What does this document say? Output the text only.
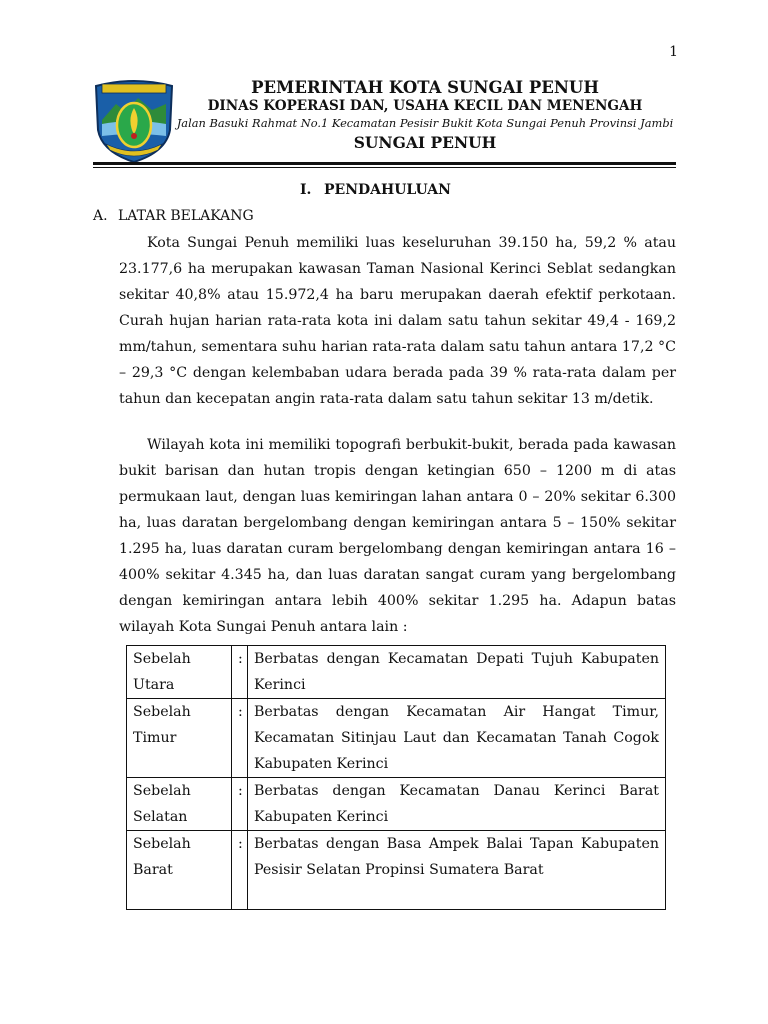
1

PEMERINTAH KOTA SUNGAI PENUH

DINAS KOPERASI DAN, USAHA KECIL DAN MENENGAH

Jalan Basuki Rahmat No.1 Kecamatan Pesisir Bukit Kota Sungai Penuh Provinsi Jambi

SUNGAI PENUH

I. PENDAHULUAN
A. LATAR BELAKANG

Kota Sungai Penuh memiliki luas keseluruhan 39.150 ha, 59,2 % atau 23.177,6 ha merupakan kawasan Taman Nasional Kerinci Seblat sedangkan sekitar 40,8% atau 15.972,4 ha baru merupakan daerah efektif perkotaan. Curah hujan harian rata-rata kota ini dalam satu tahun sekitar 49,4 - 169,2 mm/tahun, sementara suhu harian rata-rata dalam satu tahun antara 17,2 °C – 29,3 °C dengan kelembaban udara berada pada 39 % rata-rata dalam per tahun dan kecepatan angin rata-rata dalam satu tahun sekitar 13 m/detik.

Wilayah kota ini memiliki topografi berbukit-bukit, berada pada kawasan bukit barisan dan hutan tropis dengan ketingian 650 – 1200 m di atas permukaan laut, dengan luas kemiringan lahan antara 0 – 20% sekitar 6.300 ha, luas daratan bergelombang dengan kemiringan antara 5 – 150% sekitar 1.295 ha, luas daratan curam bergelombang dengan kemiringan antara 16 – 400% sekitar 4.345 ha, dan luas daratan sangat curam yang bergelombang dengan kemiringan antara lebih 400% sekitar 1.295 ha. Adapun batas wilayah Kota Sungai Penuh antara lain :

Sebelah Utara	:	Berbatas dengan Kecamatan Depati Tujuh Kabupaten Kerinci
Sebelah Timur	:	Berbatas dengan Kecamatan Air Hangat Timur, Kecamatan Sitinjau Laut dan Kecamatan Tanah Cogok Kabupaten Kerinci
Sebelah Selatan	:	Berbatas dengan Kecamatan Danau Kerinci Barat Kabupaten Kerinci
Sebelah Barat	:	Berbatas dengan Basa Ampek Balai Tapan Kabupaten Pesisir Selatan Propinsi Sumatera Barat
